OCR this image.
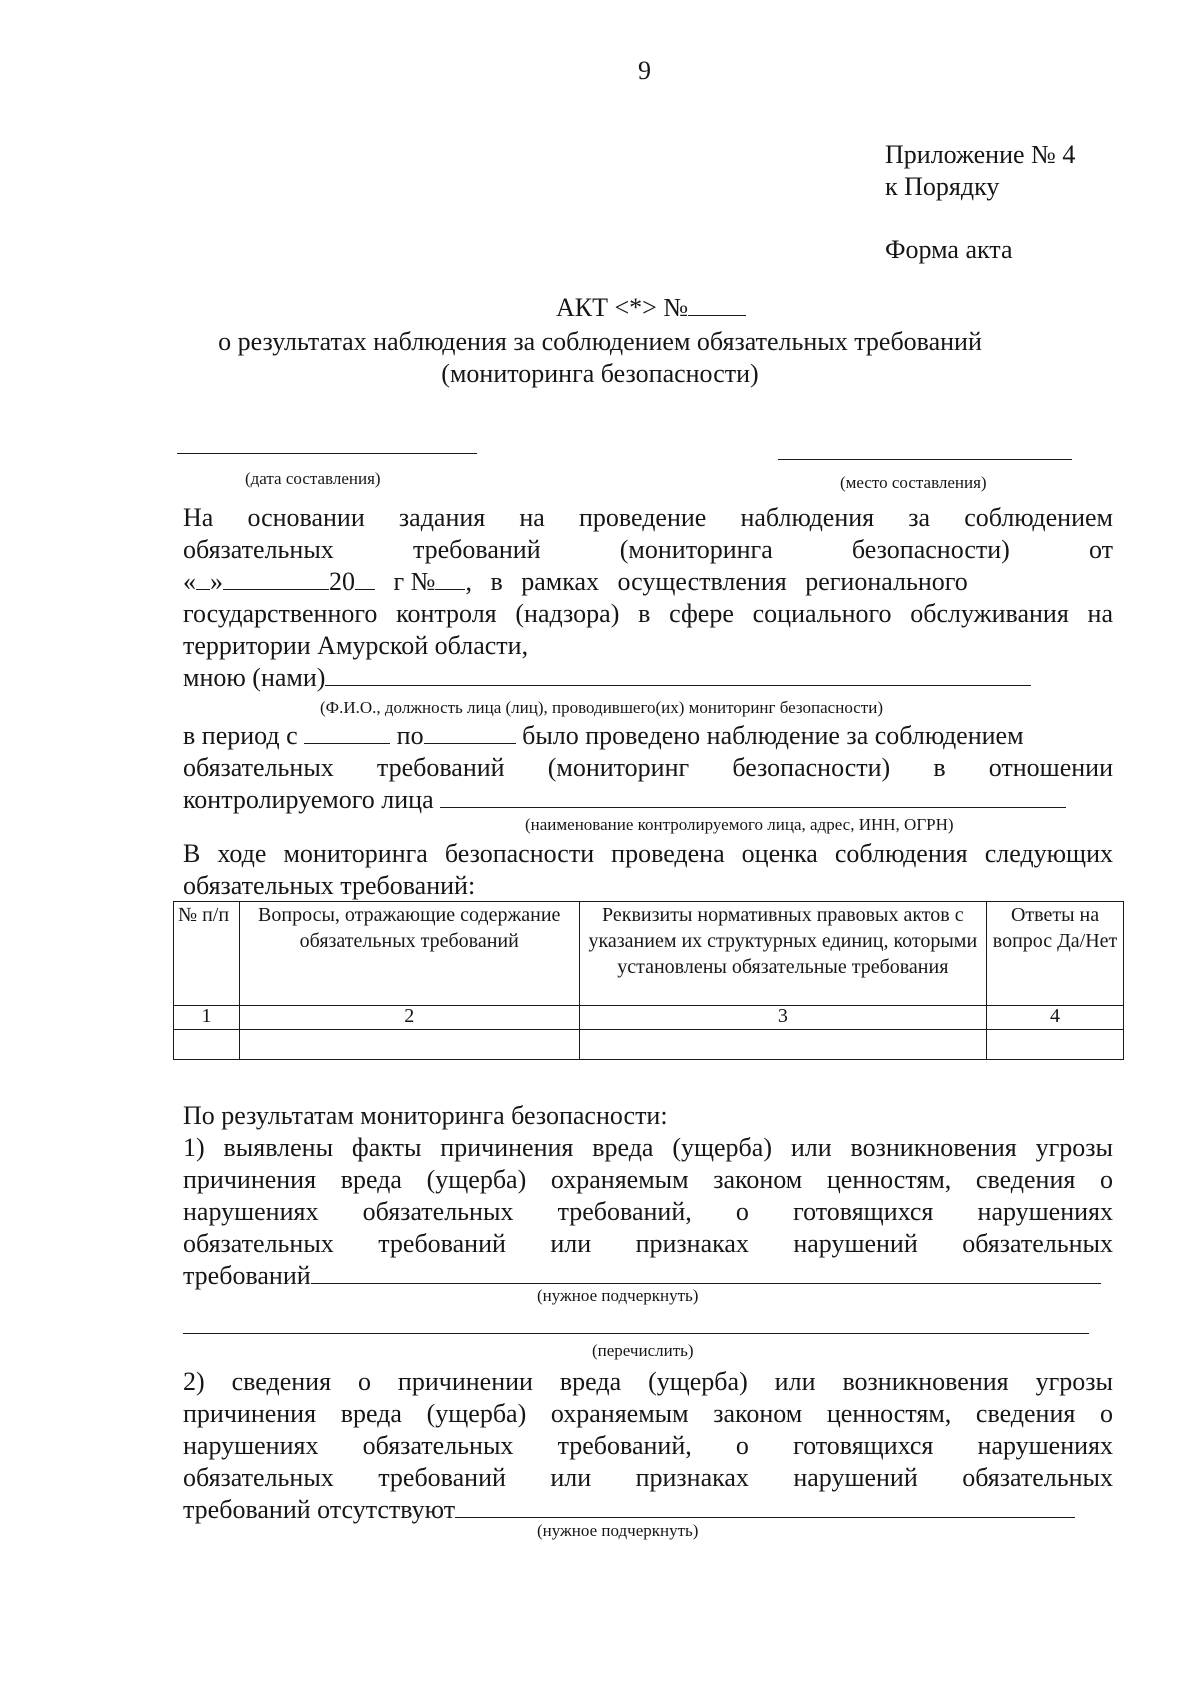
9
Приложение № 4
к Порядку
Форма акта
АКТ <*> №
о результатах наблюдения за соблюдением обязательных требований
(мониторинга безопасности)
(дата составления)	(место составления)
На основании задания на проведение наблюдения за соблюдением
обязательных требований (мониторинга безопасности) от
« »	20 г № , в рамках осуществления регионального
государственного контроля (надзора) в сфере социального обслуживания на
территории Амурской области,
мною (нами)
(Ф.И.О., должность лица (лиц), проводившего(их) мониторинг безопасности)
в период с	по	было проведено наблюдение за соблюдением
обязательных требований (мониторинг безопасности) в отношении
контролируемого лица
(наименование контролируемого лица, адрес, ИНН, ОГРН)
В ходе мониторинга безопасности проведена оценка соблюдения следующих
обязательных требований:
№ п/п	Вопросы, отражающие содержание обязательных требований	Реквизиты нормативных правовых актов с указанием их структурных единиц, которыми установлены обязательные требования	Ответы на вопрос Да/Нет
1	2	3	4

По результатам мониторинга безопасности:
1) выявлены факты причинения вреда (ущерба) или возникновения угрозы
причинения вреда (ущерба) охраняемым законом ценностям, сведения о
нарушениях обязательных требований, о готовящихся нарушениях
обязательных требований или признаках нарушений обязательных
требований
(нужное подчеркнуть)
(перечислить)
2) сведения о причинении вреда (ущерба) или возникновения угрозы
причинения вреда (ущерба) охраняемым законом ценностям, сведения о
нарушениях обязательных требований, о готовящихся нарушениях
обязательных требований или признаках нарушений обязательных
требований отсутствуют
(нужное подчеркнуть)
